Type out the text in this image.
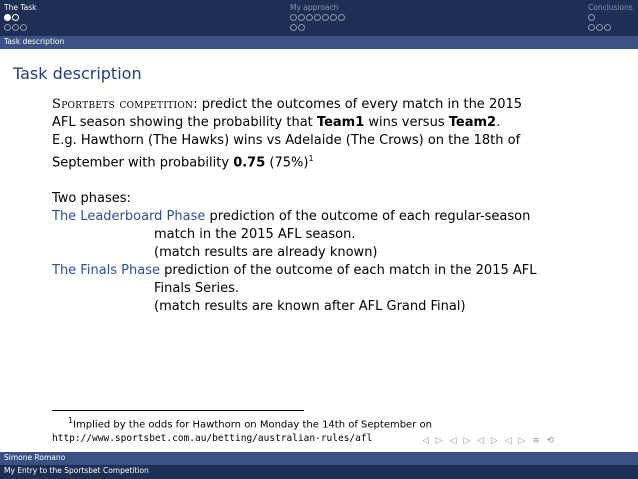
The Task	My approach	Conclusions
Task description
Task description
Sportbets competition: predict the outcomes of every match in the 2015
AFL season showing the probability that Team1 wins versus Team2.
E.g. Hawthorn (The Hawks) wins vs Adelaide (The Crows) on the 18th of
September with probability 0.75 $(75\%)^1$
Two phases:
The Leaderboard Phase prediction of the outcome of each regular-season
match in the 2015 AFL season.
(match results are already known)
The Finals Phase prediction of the outcome of each match in the 2015 AFL
Finals Series.
(match results are known after AFL Grand Final)
$^1$Implied by the odds for Hawthorn on Monday the 14th of September on
http://www.sportsbet.com.au/betting/australian-rules/afl	◁ ▷ ◁ ▷ ◁ ▷ ◁ ▷ ≡ ⟲
Simone Romano
My Entry to the Sportsbet Competition
